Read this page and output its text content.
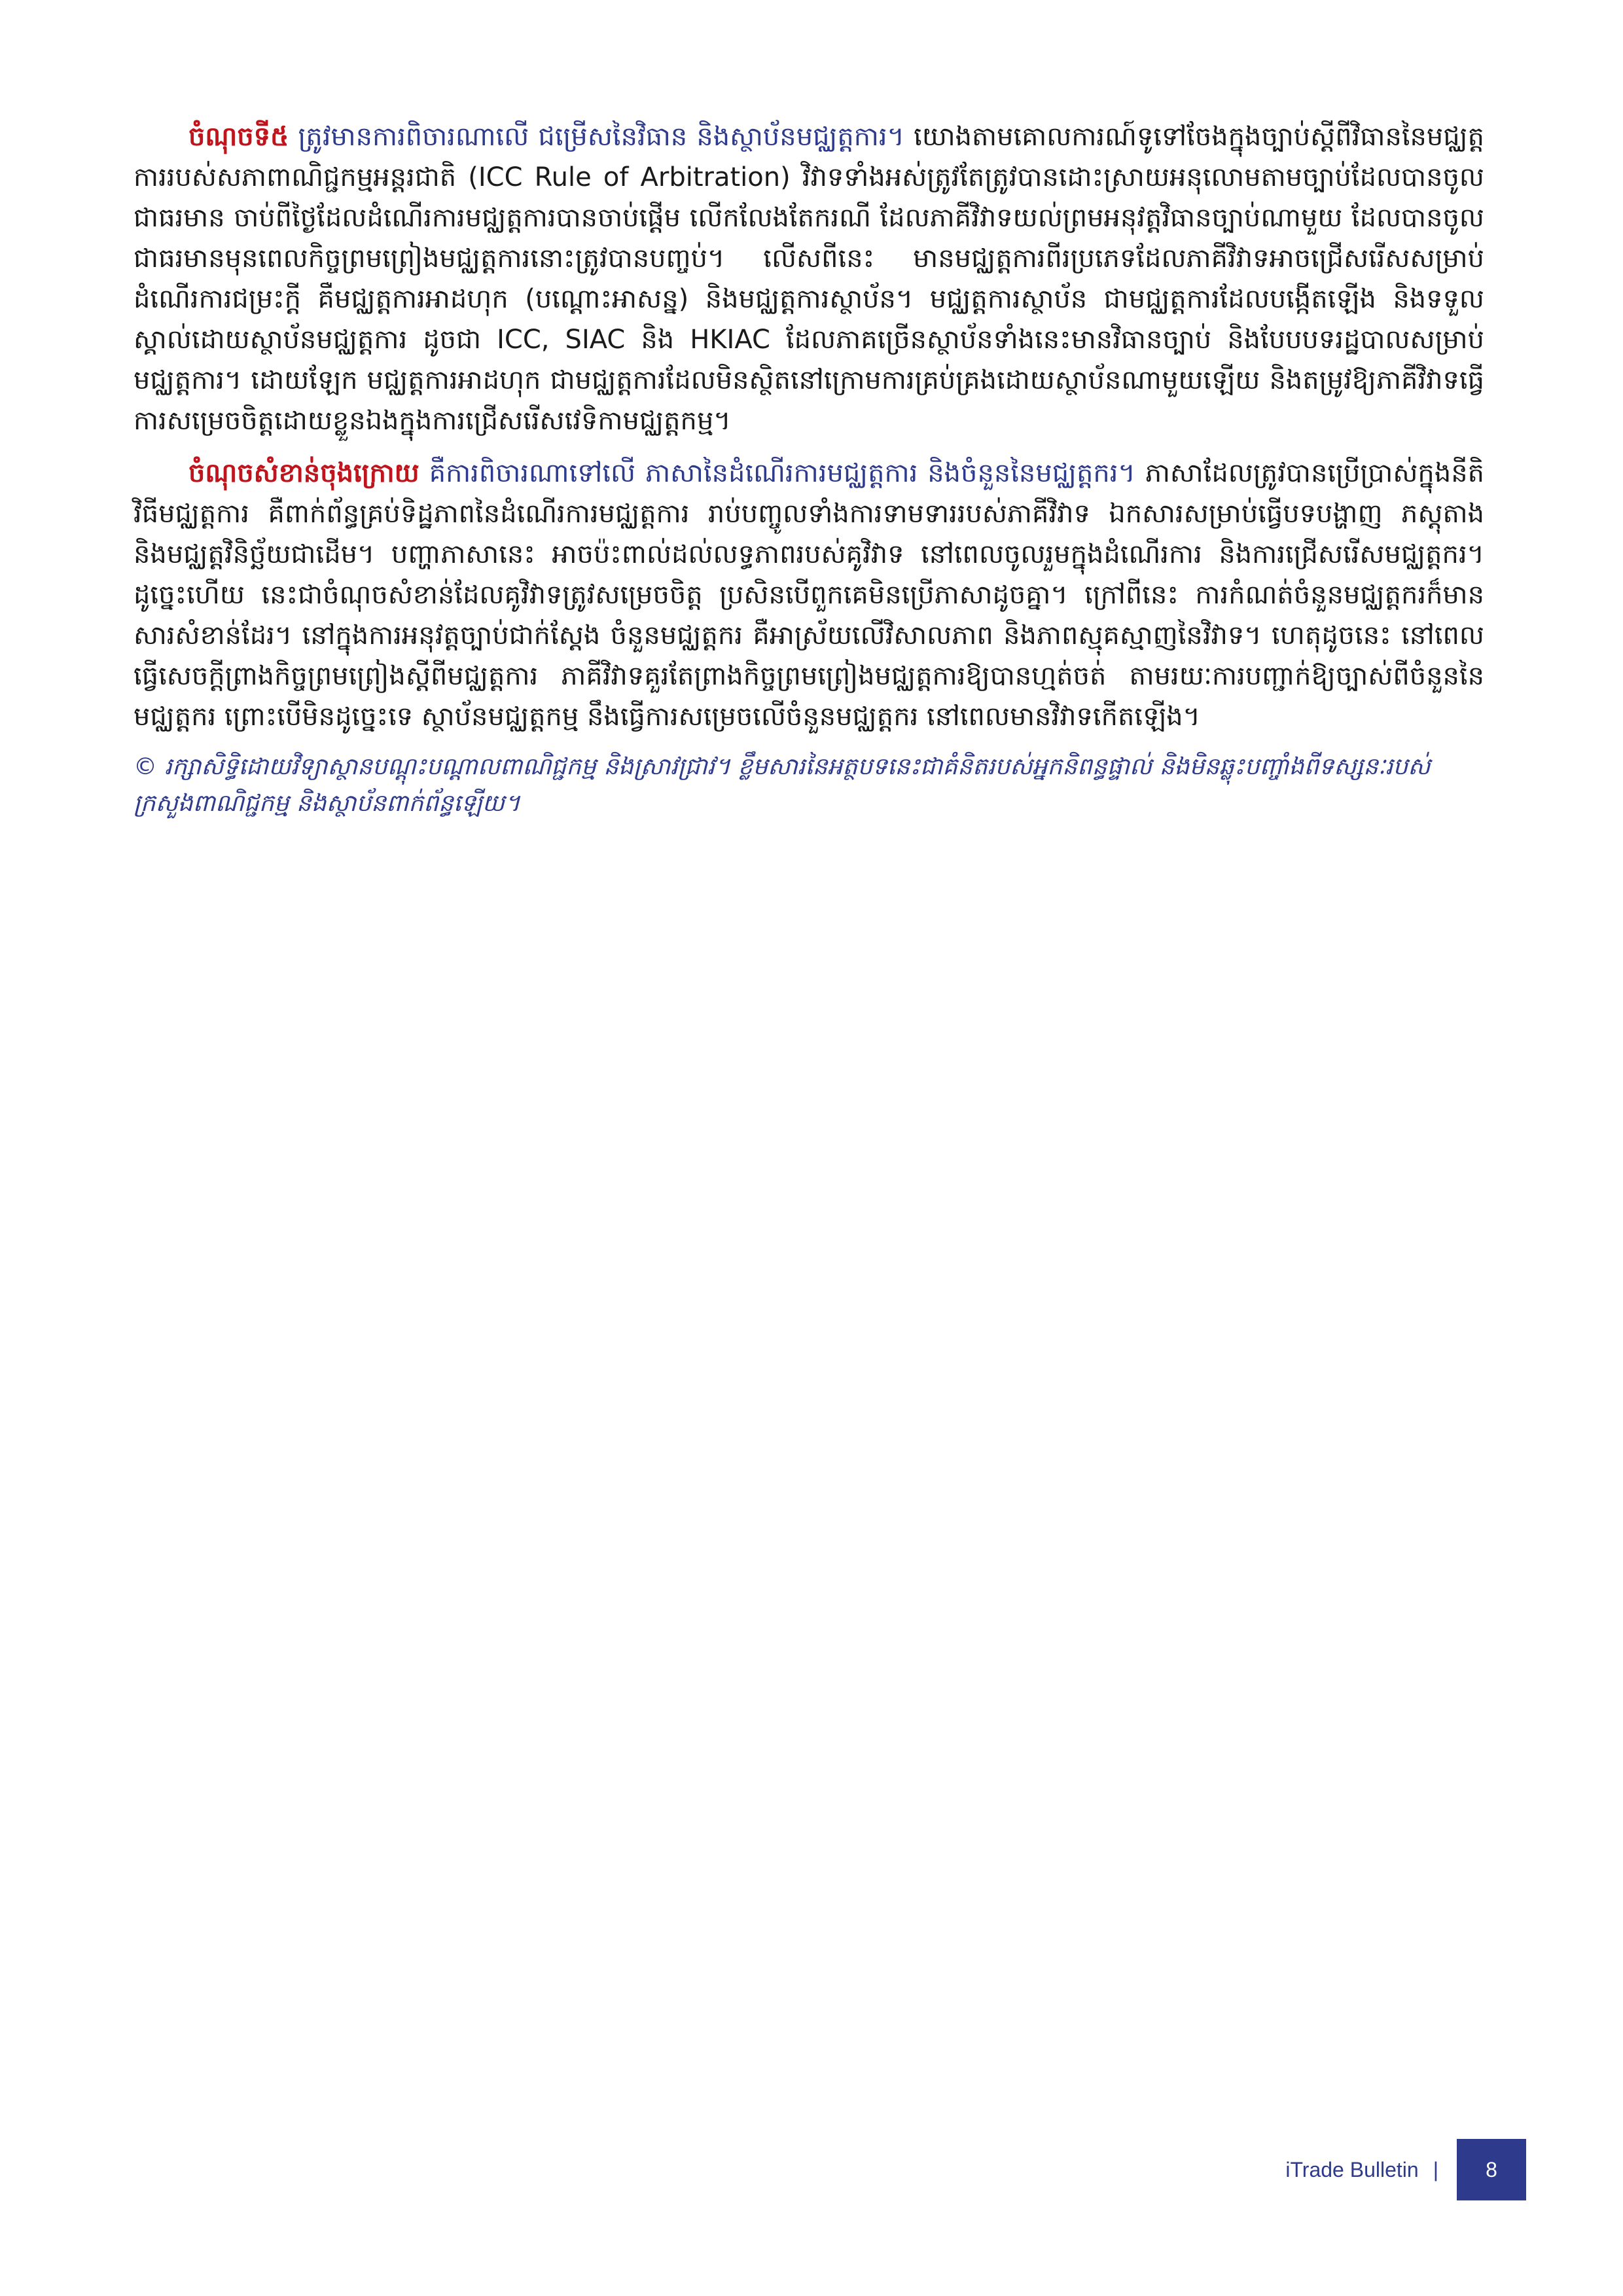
ចំណុចទី៥ ត្រូវមានការពិចារណាលើ ជម្រើសនៃវិធាន និងស្ថាប័នមជ្ឈត្តការ។ យោងតាមគោលការណ៍ទូទៅចែងក្នុងច្បាប់ស្តីពីវិធាននៃមជ្ឈត្តការរបស់សភាពាណិជ្ជកម្មអន្តរជាតិ (ICC Rule of Arbitration) វិវាទទាំងអស់ត្រូវតែត្រូវបានដោះស្រាយអនុលោមតាមច្បាប់ដែលបានចូលជាធរមាន ចាប់ពីថ្ងៃដែលដំណើរការមជ្ឈត្តការបានចាប់ផ្តើម លើកលែងតែករណី ដែលភាគីវិវាទយល់ព្រមអនុវត្តវិធានច្បាប់ណាមួយ ដែលបានចូលជាធរមានមុនពេលកិច្ចព្រមព្រៀងមជ្ឈត្តការនោះត្រូវបានបញ្ចប់។ លើសពីនេះ មានមជ្ឈត្តការពីរប្រភេទដែលភាគីវិវាទអាចជ្រើសរើសសម្រាប់ដំណើរការជម្រះក្តី គឺមជ្ឈត្តការអាដហុក (បណ្តោះអាសន្ន) និងមជ្ឈត្តការស្ថាប័ន។ មជ្ឈត្តការស្ថាប័ន ជាមជ្ឈត្តការដែលបង្កើតឡើង និងទទួលស្គាល់ដោយស្ថាប័នមជ្ឈត្តការ ដូចជា ICC, SIAC និង HKIAC ដែលភាគច្រើនស្ថាប័នទាំងនេះមានវិធានច្បាប់ និងបែបបទរដ្ឋបាលសម្រាប់មជ្ឈត្តការ។ ដោយឡែក មជ្ឈត្តការអាដហុក ជាមជ្ឈត្តការដែលមិនស្ថិតនៅក្រោមការគ្រប់គ្រងដោយស្ថាប័នណាមួយឡើយ និងតម្រូវឱ្យភាគីវិវាទធ្វើការសម្រេចចិត្តដោយខ្លួនឯងក្នុងការជ្រើសរើសវេទិកាមជ្ឈត្តកម្ម។

ចំណុចសំខាន់ចុងក្រោយ គឺការពិចារណាទៅលើ ភាសានៃដំណើរការមជ្ឈត្តការ និងចំនួននៃមជ្ឈត្តករ។ ភាសាដែលត្រូវបានប្រើប្រាស់ក្នុងនីតិវិធីមជ្ឈត្តការ គឺពាក់ព័ន្ធគ្រប់ទិដ្ឋភាពនៃដំណើរការមជ្ឈត្តការ រាប់បញ្ចូលទាំងការទាមទាររបស់ភាគីវិវាទ ឯកសារសម្រាប់ធ្វើបទបង្ហាញ ភស្តុតាង និងមជ្ឈត្តវិនិច្ឆ័យជាដើម។ បញ្ហាភាសានេះ អាចប៉ះពាល់ដល់លទ្ធភាពរបស់គូវិវាទ នៅពេលចូលរួមក្នុងដំណើរការ និងការជ្រើសរើសមជ្ឈត្តករ។ ដូច្នេះហើយ នេះជាចំណុចសំខាន់ដែលគូវិវាទត្រូវសម្រេចចិត្ត ប្រសិនបើពួកគេមិនប្រើភាសាដូចគ្នា។ ក្រៅពីនេះ ការកំណត់ចំនួនមជ្ឈត្តករក៏មានសារសំខាន់ដែរ។ នៅក្នុងការអនុវត្តច្បាប់ជាក់ស្តែង ចំនួនមជ្ឈត្តករ គឺអាស្រ័យលើវិសាលភាព និងភាពស្មុគស្មាញនៃវិវាទ។ ហេតុដូចនេះ នៅពេលធ្វើសេចក្តីព្រាងកិច្ចព្រមព្រៀងស្តីពីមជ្ឈត្តការ ភាគីវិវាទគួរតែព្រាងកិច្ចព្រមព្រៀងមជ្ឈត្តការឱ្យបានហ្មត់ចត់ តាមរយៈការបញ្ជាក់ឱ្យច្បាស់ពីចំនួននៃមជ្ឈត្តករ ព្រោះបើមិនដូច្នេះទេ ស្ថាប័នមជ្ឈត្តកម្ម នឹងធ្វើការសម្រេចលើចំនួនមជ្ឈត្តករ នៅពេលមានវិវាទកើតឡើង។

© រក្សាសិទ្ធិដោយវិទ្យាស្ថានបណ្តុះបណ្តាលពាណិជ្ជកម្ម និងស្រាវជ្រាវ។ ខ្លឹមសារនៃអត្ថបទនេះជាគំនិតរបស់អ្នកនិពន្ធផ្ទាល់ និងមិនឆ្លុះបញ្ចាំងពីទស្សនៈរបស់ក្រសួងពាណិជ្ជកម្ម និងស្ថាប័នពាក់ព័ន្ធឡើយ។
iTrade Bulletin |	8
